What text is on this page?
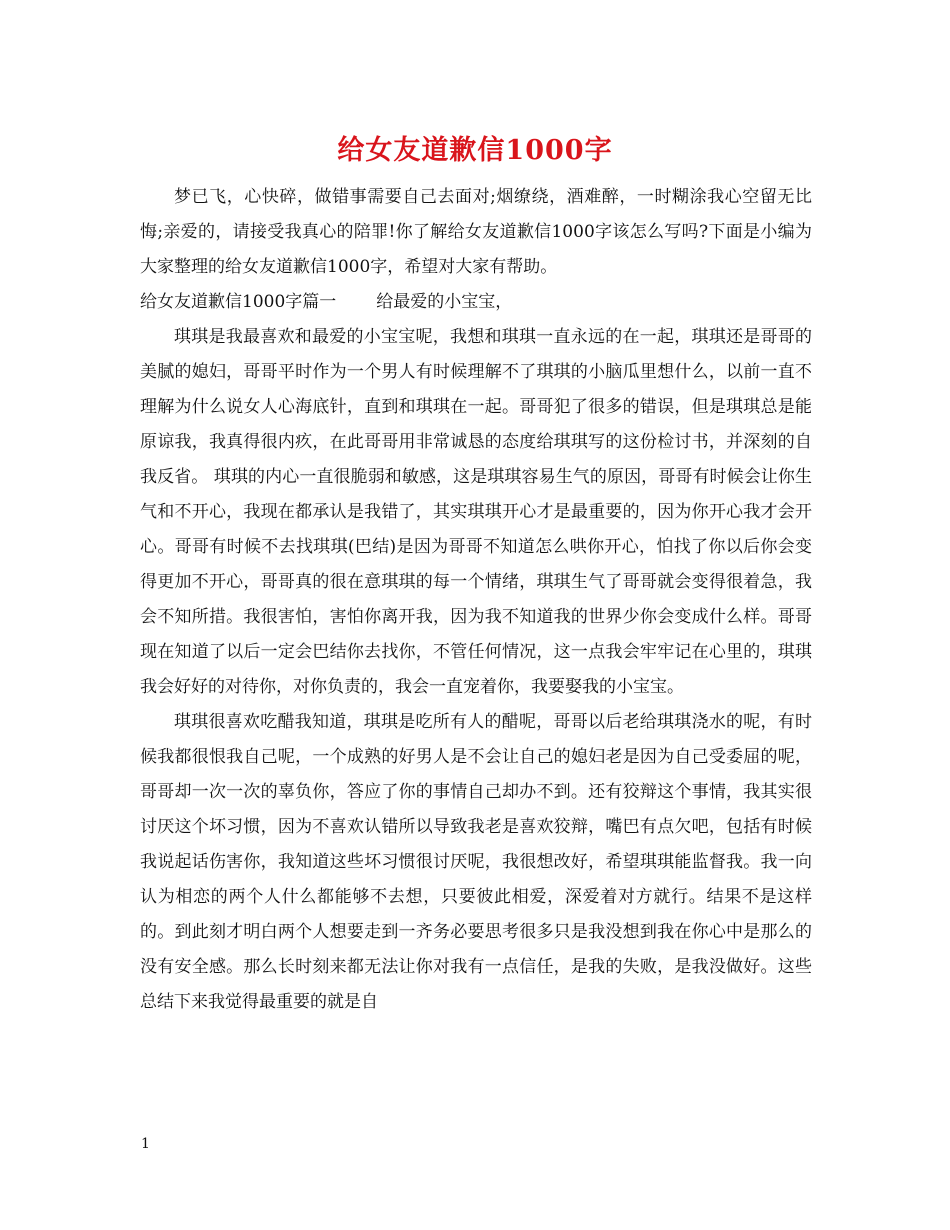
给女友道歉信1000字

梦已飞，心快碎，做错事需要自己去面对;烟缭绕，酒难醉，一时糊涂我心空留无比悔;亲爱的，请接受我真心的陪罪!你了解给女友道歉信1000字该怎么写吗?下面是小编为大家整理的给女友道歉信1000字，希望对大家有帮助。

给女友道歉信1000字篇一 给最爱的小宝宝，

琪琪是我最喜欢和最爱的小宝宝呢，我想和琪琪一直永远的在一起，琪琪还是哥哥的美腻的媳妇，哥哥平时作为一个男人有时候理解不了琪琪的小脑瓜里想什么，以前一直不理解为什么说女人心海底针，直到和琪琪在一起。哥哥犯了很多的错误，但是琪琪总是能原谅我，我真得很内疚，在此哥哥用非常诚恳的态度给琪琪写的这份检讨书，并深刻的自我反省。 琪琪的内心一直很脆弱和敏感，这是琪琪容易生气的原因，哥哥有时候会让你生气和不开心，我现在都承认是我错了，其实琪琪开心才是最重要的，因为你开心我才会开心。哥哥有时候不去找琪琪(巴结)是因为哥哥不知道怎么哄你开心，怕找了你以后你会变得更加不开心，哥哥真的很在意琪琪的每一个情绪，琪琪生气了哥哥就会变得很着急，我会不知所措。我很害怕，害怕你离开我，因为我不知道我的世界少你会变成什么样。哥哥现在知道了以后一定会巴结你去找你，不管任何情况，这一点我会牢牢记在心里的，琪琪我会好好的对待你，对你负责的，我会一直宠着你，我要娶我的小宝宝。

琪琪很喜欢吃醋我知道，琪琪是吃所有人的醋呢，哥哥以后老给琪琪浇水的呢，有时候我都很恨我自己呢，一个成熟的好男人是不会让自己的媳妇老是因为自己受委屈的呢，哥哥却一次一次的辜负你，答应了你的事情自己却办不到。还有狡辩这个事情，我其实很讨厌这个坏习惯，因为不喜欢认错所以导致我老是喜欢狡辩，嘴巴有点欠吧，包括有时候我说起话伤害你，我知道这些坏习惯很讨厌呢，我很想改好，希望琪琪能监督我。我一向认为相恋的两个人什么都能够不去想，只要彼此相爱，深爱着对方就行。结果不是这样的。到此刻才明白两个人想要走到一齐务必要思考很多只是我没想到我在你心中是那么的没有安全感。那么长时刻来都无法让你对我有一点信任，是我的失败，是我没做好。这些总结下来我觉得最重要的就是自

1
